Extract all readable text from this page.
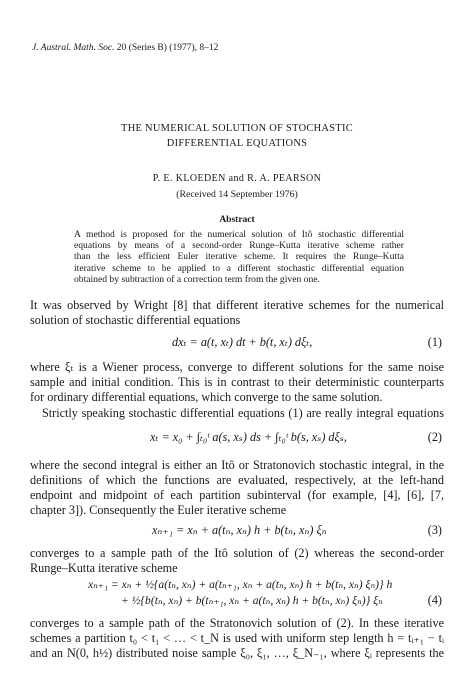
J. Austral. Math. Soc. 20 (Series B) (1977), 8–12
THE NUMERICAL SOLUTION OF STOCHASTIC
DIFFERENTIAL EQUATIONS
P. E. KLOEDEN and R. A. PEARSON
(Received 14 September 1976)
Abstract
A method is proposed for the numerical solution of Itô stochastic differential
equations by means of a second-order Runge–Kutta iterative scheme rather
than the less efficient Euler iterative scheme. It requires the Runge–Kutta
iterative scheme to be applied to a different stochastic differential equation
obtained by subtraction of a correction term from the given one.
It was observed by Wright [8] that different iterative schemes for the numerical
solution of stochastic differential equations
dxₜ = a(t, xₜ) dt + b(t, xₜ) dξₜ,	(1)
where ξₜ is a Wiener process, converge to different solutions for the same noise
sample and initial condition. This is in contrast to their deterministic counterparts
for ordinary differential equations, which converge to the same solution.
Strictly speaking stochastic differential equations (1) are really integral equations
xₜ = x₀ + ∫ₜ₀ᵗ a(s, xₛ) ds + ∫ₜ₀ᵗ b(s, xₛ) dξₛ,	(2)
where the second integral is either an Itô or Stratonovich stochastic integral, in the
definitions of which the functions are evaluated, respectively, at the left-hand
endpoint and midpoint of each partition subinterval (for example, [4], [6], [7,
chapter 3]). Consequently the Euler iterative scheme
xₙ₊₁ = xₙ + a(tₙ, xₙ) h + b(tₙ, xₙ) ξₙ	(3)
converges to a sample path of the Itô solution of (2) whereas the second-order
Runge–Kutta iterative scheme
xₙ₊₁ = xₙ + ½{a(tₙ, xₙ) + a(tₙ₊₁, xₙ + a(tₙ, xₙ) h + b(tₙ, xₙ) ξₙ)} h
+ ½{b(tₙ, xₙ) + b(tₙ₊₁, xₙ + a(tₙ, xₙ) h + b(tₙ, xₙ) ξₙ)} ξₙ	(4)
converges to a sample path of the Stratonovich solution of (2). In these iterative
schemes a partition t₀ < t₁ < … < t_N is used with uniform step length h = tᵢ₊₁ − tᵢ
and an N(0, h½) distributed noise sample ξ₀, ξ₁, …, ξ_N₋₁, where ξᵢ represents the
